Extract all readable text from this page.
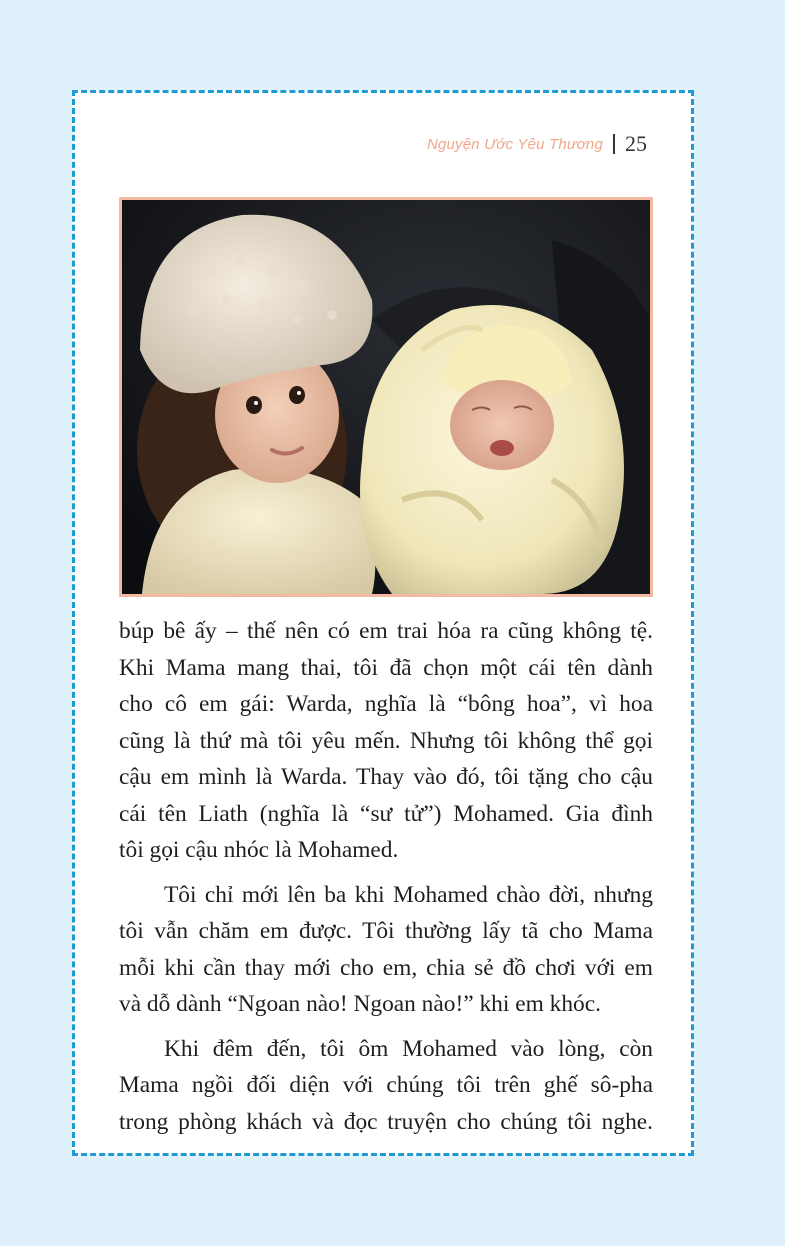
Nguyện Ước Yêu Thương 25

búp bê ấy – thế nên có em trai hóa ra cũng không tệ.
Khi Mama mang thai, tôi đã chọn một cái tên dành
cho cô em gái: Warda, nghĩa là “bông hoa”, vì hoa
cũng là thứ mà tôi yêu mến. Nhưng tôi không thể gọi
cậu em mình là Warda. Thay vào đó, tôi tặng cho cậu
cái tên Liath (nghĩa là “sư tử”) Mohamed. Gia đình
tôi gọi cậu nhóc là Mohamed.

Tôi chỉ mới lên ba khi Mohamed chào đời, nhưng
tôi vẫn chăm em được. Tôi thường lấy tã cho Mama
mỗi khi cần thay mới cho em, chia sẻ đồ chơi với em
và dỗ dành “Ngoan nào! Ngoan nào!” khi em khóc.

Khi đêm đến, tôi ôm Mohamed vào lòng, còn
Mama ngồi đối diện với chúng tôi trên ghế sô-pha
trong phòng khách và đọc truyện cho chúng tôi nghe.
